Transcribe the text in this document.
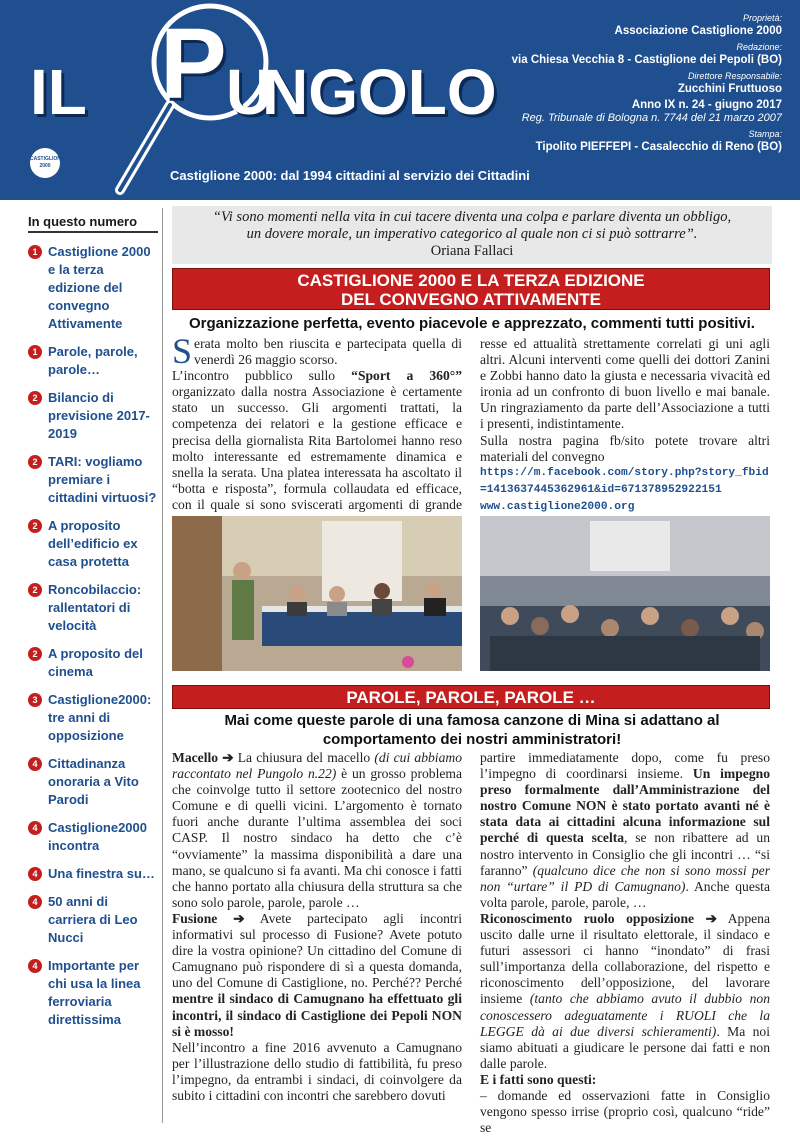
IL P U
NGOLO
CASTIGLIONE 2000
Castiglione 2000: dal 1994 cittadini al servizio dei Cittadini
Proprietà:
Associazione Castiglione 2000
Redazione:
via Chiesa Vecchia 8 - Castiglione dei Pepoli (BO)
Direttore Responsabile:
Zucchini Fruttuoso
Anno IX n. 24 - giugno 2017
Reg. Tribunale di Bologna n. 7744 del 21 marzo 2007
Stampa:
Tipolito PIEFFEPI - Casalecchio di Reno (BO)
In questo numero
1 Castiglione 2000 e la terza edizione del convegno Attivamente
1 Parole, parole, parole…
2 Bilancio di previsione 2017-2019
2 TARI: vogliamo premiare i cittadini virtuosi?
2 A proposito dell’edificio ex casa protetta
2 Roncobilaccio: rallentatori di velocità
2 A proposito del cinema
3 Castiglione2000: tre anni di opposizione
4 Cittadinanza onoraria a Vito Parodi
4 Castiglione2000 incontra
4 Una finestra su…
4 50 anni di carriera di Leo Nucci
4 Importante per chi usa la linea ferroviaria direttissima
“Vi sono momenti nella vita in cui tacere diventa una colpa e parlare diventa un obbligo,
un dovere morale, un imperativo categorico al quale non ci si può sottrarre”.
Oriana Fallaci
CASTIGLIONE 2000 E LA TERZA EDIZIONE
DEL CONVEGNO ATTIVAMENTE
Organizzazione perfetta, evento piacevole e apprezzato, commenti tutti positivi.

Serata molto ben riuscita e partecipata quella di venerdì 26 maggio scorso.

L’incontro pubblico sullo “Sport a 360°” organizzato dalla nostra Associazione è certamente stato un successo. Gli argomenti trattati, la competenza dei relatori e la gestione efficace e precisa della giornalista Rita Bartolomei hanno reso molto interessante ed estremamente dinamica e snella la serata. Una platea interessata ha ascoltato il “botta e risposta”, formula collaudata ed efficace, con il quale si sono sviscerati argomenti di grande

resse ed attualità strettamente correlati gi uni agli altri. Alcuni interventi come quelli dei dottori Zanini e Zobbi hanno dato la giusta e necessaria vivacità ed ironia ad un confronto di buon livello e mai banale. Un ringraziamento da parte dell’Associazione a tutti i presenti, indistintamente.

Sulla nostra pagina fb/sito potete trovare altri materiali del convegno

https://m.facebook.com/story.php?story_fbid=1413637445362961&id=671378952922151

www.castiglione2000.org

PAROLE, PAROLE, PAROLE …
Mai come queste parole di una famosa canzone di Mina si adattano al comportamento dei nostri amministratori!

Macello ➔ La chiusura del macello (di cui abbiamo raccontato nel Pungolo n.22) è un grosso problema che coinvolge tutto il settore zootecnico del nostro Comune e di quelli vicini. L’argomento è tornato fuori anche durante l’ultima assemblea dei soci CASP. Il nostro sindaco ha detto che c’è “ovviamente” la massima disponibilità a dare una mano, se qualcuno si fa avanti. Ma chi conosce i fatti che hanno portato alla chiusura della struttura sa che sono solo parole, parole, parole …

Fusione ➔ Avete partecipato agli incontri informativi sul processo di Fusione? Avete potuto dire la vostra opinione? Un cittadino del Comune di Camugnano può rispondere di sì a questa domanda, uno del Comune di Castiglione, no. Perché?? Perché mentre il sindaco di Camugnano ha effettuato gli incontri, il sindaco di Castiglione dei Pepoli NON si è mosso!

Nell’incontro a fine 2016 avvenuto a Camugnano per l’illustrazione dello studio di fattibilità, fu preso l’impegno, da entrambi i sindaci, di coinvolgere da subito i cittadini con incontri che sarebbero dovuti

partire immediatamente dopo, come fu preso l’impegno di coordinarsi insieme. Un impegno preso formalmente dall’Amministrazione del nostro Comune NON è stato portato avanti né è stata data ai cittadini alcuna informazione sul perché di questa scelta, se non ribattere ad un nostro intervento in Consiglio che gli incontri … “si faranno” (qualcuno dice che non si sono mossi per non “urtare” il PD di Camugnano). Anche questa volta parole, parole, parole, …

Riconoscimento ruolo opposizione ➔ Appena uscito dalle urne il risultato elettorale, il sindaco e futuri assessori ci hanno “inondato” di frasi sull’importanza della collaborazione, del rispetto e riconoscimento dell’opposizione, del lavorare insieme (tanto che abbiamo avuto il dubbio non conoscessero adeguatamente i RUOLI che la LEGGE dà ai due diversi schieramenti). Ma noi siamo abituati a giudicare le persone dai fatti e non dalle parole.

E i fatti sono questi:

– domande ed osservazioni fatte in Consiglio vengono spesso irrise (proprio così, qualcuno “ride” se
